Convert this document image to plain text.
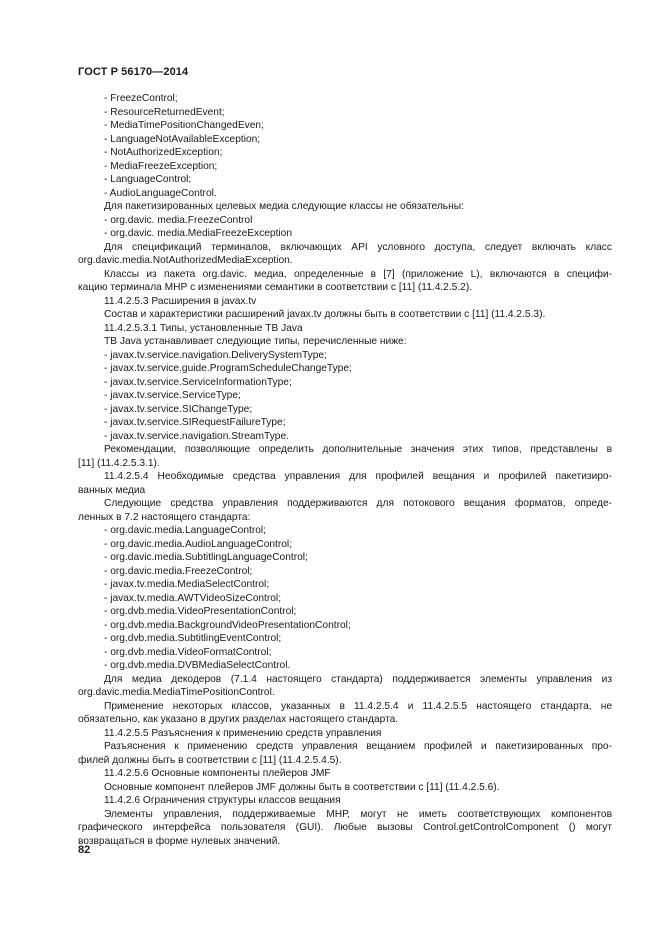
ГОСТ Р 56170—2014

- FreezeControl;

- ResourceReturnedEvent;

- MediaTimePositionChangedEven;

- LanguageNotAvailableException;

- NotAuthorizedException;

- MediaFreezeException;

- LanguageControl;

- AudioLanguageControl.

Для пакетизированных целевых медиа следующие классы не обязательны:

- org.davic. media.FreezeControl

- org.davic. media.MediaFreezeException

Для спецификаций терминалов, включающих API условного доступа, следует включать класс

org.davic.media.NotAuthorizedMediaException.

Классы из пакета org.davic. медиа, определенные в [7] (приложение L), включаются в специфи-

кацию терминала МНР с изменениями семантики в соответствии с [11] (11.4.2.5.2).

11.4.2.5.3 Расширения в javax.tv

Состав и характеристики расширений javax.tv должны быть в соответствии с [11] (11.4.2.5.3).

11.4.2.5.3.1 Типы, установленные ТВ Java

ТВ Java устанавливает следующие типы, перечисленные ниже:

- javax.tv.service.navigation.DeliverySystemType;

- javax.tv.service.guide.ProgramScheduleChangeType;

- javax.tv.service.ServiceInformationType;

- javax.tv.service.ServiceType;

- javax.tv.service.SIChangeType;

- javax.tv.service.SIRequestFailureType;

- javax.tv.service.navigation.StreamType.

Рекомендации, позволяющие определить дополнительные значения этих типов, представлены в

[11] (11.4.2.5.3.1).

11.4.2.5.4 Необходимые средства управления для профилей вещания и профилей пакетизиро-

ванных медиа

Следующие средства управления поддерживаются для потокового вещания форматов, опреде-

ленных в 7.2 настоящего стандарта:

- org.davic.media.LanguageControl;

- org.davic.media.AudioLanguageControl;

- org.davic.media.SubtitlingLanguageControl;

- org.davic.media.FreezeControl;

- javax.tv.media.MediaSelectControl;

- javax.tv.media.AWTVideoSizeControl;

- org.dvb.media.VideoPresentationControl;

- org.dvb.media.BackgroundVideoPresentationControl;

- org.dvb.media.SubtitlingEventControl;

- org.dvb.media.VideoFormatControl;

- org.dvb.media.DVBMediaSelectControl.

Для медиа декодеров (7.1.4 настоящего стандарта) поддерживается элементы управления из

org.davic.media.MediaTimePositionControl.

Применение некоторых классов, указанных в 11.4.2.5.4 и 11.4.2.5.5 настоящего стандарта, не

обязательно, как указано в других разделах настоящего стандарта.

11.4.2.5.5 Разъяснения к применению средств управления

Разъяснения к применению средств управления вещанием профилей и пакетизированных про-

филей должны быть в соответствии с [11] (11.4.2.5.4.5).

11.4.2.5.6 Основные компоненты плейеров JMF

Основные компонент плейеров JMF должны быть в соответствии с [11] (11.4.2.5.6).

11.4.2.6 Ограничения структуры классов вещания

Элементы управления, поддерживаемые МНР, могут не иметь соответствующих компонентов

графического интерфейса пользователя (GUI). Любые вызовы Control.getControlComponent () могут

возвращаться в форме нулевых значений.

82
